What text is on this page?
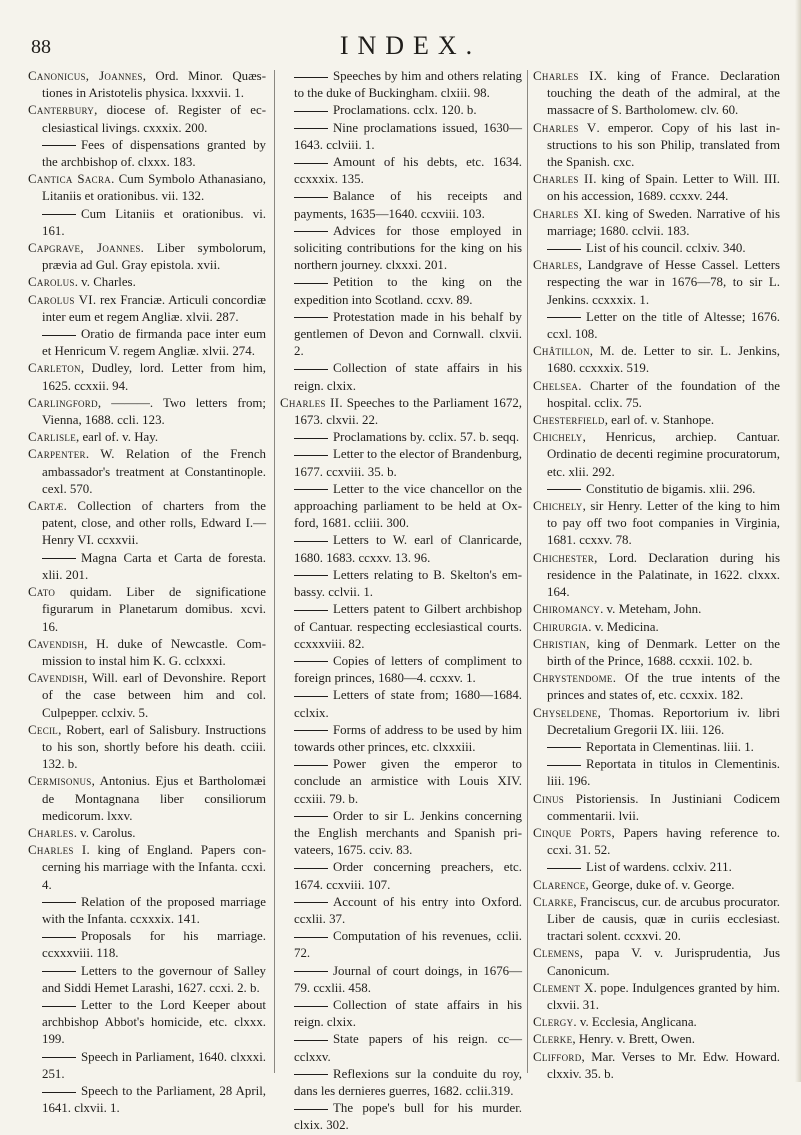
88	INDEX.

Canonicus, Joannes, Ord. Minor. Quæstiones in Aristotelis physica. lxxxvii. 1.

Canterbury, diocese of. Register of ecclesiastical livings. cxxxix. 200.

Fees of dispensations granted by the archbishop of. clxxx. 183.

Cantica Sacra. Cum Symbolo Athanasiano, Litaniis et orationibus. vii. 132.

Cum Litaniis et orationibus. vi. 161.

Capgrave, Joannes. Liber symbolorum, prævia ad Gul. Gray epistola. xvii.

Carolus. v. Charles.

Carolus VI. rex Franciæ. Articuli concordiæ inter eum et regem Angliæ. xlvii. 287.

Oratio de firmanda pace inter eum et Henricum V. regem Angliæ. xlvii. 274.

Carleton, Dudley, lord. Letter from him, 1625. ccxxii. 94.

Carlingford, ———. Two letters from; Vienna, 1688. ccli. 123.

Carlisle, earl of. v. Hay.

Carpenter. W. Relation of the French ambassador's treatment at Constantinople. cexl. 570.

Cartæ. Collection of charters from the patent, close, and other rolls, Edward I.—Henry VI. ccxxvii.

Magna Carta et Carta de foresta. xlii. 201.

Cato quidam. Liber de significatione figurarum in Planetarum domibus. xcvi. 16.

Cavendish, H. duke of Newcastle. Commission to instal him K. G. cclxxxi.

Cavendish, Will. earl of Devonshire. Report of the case between him and col. Culpepper. cclxiv. 5.

Cecil, Robert, earl of Salisbury. Instructions to his son, shortly before his death. cciii. 132. b.

Cermisonus, Antonius. Ejus et Bartholomæi de Montagnana liber consiliorum medicorum. lxxv.

Charles. v. Carolus.

Charles I. king of England. Papers concerning his marriage with the Infanta. ccxi. 4.

Relation of the proposed marriage with the Infanta. ccxxxix. 141.

Proposals for his marriage. ccxxxviii. 118.

Letters to the governour of Salley and Siddi Hemet Larashi, 1627. ccxi. 2. b.

Letter to the Lord Keeper about archbishop Abbot's homicide, etc. clxxx. 199.

Speech in Parliament, 1640. clxxxi. 251.

Speech to the Parliament, 28 April, 1641. clxvii. 1.

Speeches by him and others relating to the duke of Buckingham. clxiii. 98.

Proclamations. cclx. 120. b.

Nine proclamations issued, 1630—1643. cclviii. 1.

Amount of his debts, etc. 1634. ccxxxix. 135.

Balance of his receipts and payments, 1635—1640. ccxviii. 103.

Advices for those employed in soliciting contributions for the king on his northern journey. clxxxi. 201.

Petition to the king on the expedition into Scotland. ccxv. 89.

Protestation made in his behalf by gentlemen of Devon and Cornwall. clxvii. 2.

Collection of state affairs in his reign. clxix.

Charles II. Speeches to the Parliament 1672, 1673. clxvii. 22.

Proclamations by. cclix. 57. b. seqq.

Letter to the elector of Brandenburg, 1677. ccxviii. 35. b.

Letter to the vice chancellor on the approaching parliament to be held at Oxford, 1681. ccliii. 300.

Letters to W. earl of Clanricarde, 1680. 1683. ccxxv. 13. 96.

Letters relating to B. Skelton's embassy. cclvii. 1.

Letters patent to Gilbert archbishop of Cantuar. respecting ecclesiastical courts. ccxxxviii. 82.

Copies of letters of compliment to foreign princes, 1680—4. ccxxv. 1.

Letters of state from; 1680—1684. cclxix.

Forms of address to be used by him towards other princes, etc. clxxxiii.

Power given the emperor to conclude an armistice with Louis XIV. ccxiii. 79. b.

Order to sir L. Jenkins concerning the English merchants and Spanish privateers, 1675. cciv. 83.

Order concerning preachers, etc. 1674. ccxviii. 107.

Account of his entry into Oxford. ccxlii. 37.

Computation of his revenues, cclii. 72.

Journal of court doings, in 1676—79. ccxlii. 458.

Collection of state affairs in his reign. clxix.

State papers of his reign. cc—cclxxv.

Reflexions sur la conduite du roy, dans les dernieres guerres, 1682. cclii.319.

The pope's bull for his murder. clxix. 302.

Charles IX. king of France. Declaration touching the death of the admiral, at the massacre of S. Bartholomew. clv. 60.

Charles V. emperor. Copy of his last instructions to his son Philip, translated from the Spanish. cxc.

Charles II. king of Spain. Letter to Will. III. on his accession, 1689. ccxxv. 244.

Charles XI. king of Sweden. Narrative of his marriage; 1680. cclvii. 183.

List of his council. cclxiv. 340.

Charles, Landgrave of Hesse Cassel. Letters respecting the war in 1676—78, to sir L. Jenkins. ccxxxix. 1.

Letter on the title of Altesse; 1676. ccxl. 108.

Châtillon, M. de. Letter to sir. L. Jenkins, 1680. ccxxxix. 519.

Chelsea. Charter of the foundation of the hospital. cclix. 75.

Chesterfield, earl of. v. Stanhope.

Chichely, Henricus, archiep. Cantuar. Ordinatio de decenti regimine procuratorum, etc. xlii. 292.

Constitutio de bigamis. xlii. 296.

Chichely, sir Henry. Letter of the king to him to pay off two foot companies in Virginia, 1681. ccxxv. 78.

Chichester, Lord. Declaration during his residence in the Palatinate, in 1622. clxxx. 164.

Chiromancy. v. Meteham, John.

Chirurgia. v. Medicina.

Christian, king of Denmark. Letter on the birth of the Prince, 1688. ccxxii. 102. b.

Chrystendome. Of the true intents of the princes and states of, etc. ccxxix. 182.

Chyseldene, Thomas. Reportorium iv. libri Decretalium Gregorii IX. liii. 126.

Reportata in Clementinas. liii. 1.

Reportata in titulos in Clementinis. liii. 196.

Cinus Pistoriensis. In Justiniani Codicem commentarii. lvii.

Cinque Ports, Papers having reference to. ccxi. 31. 52.

List of wardens. cclxiv. 211.

Clarence, George, duke of. v. George.

Clarke, Franciscus, cur. de arcubus procurator. Liber de causis, quæ in curiis ecclesiast. tractari solent. ccxxvi. 20.

Clemens, papa V. v. Jurisprudentia, Jus Canonicum.

Clement X. pope. Indulgences granted by him. clxvii. 31.

Clergy. v. Ecclesia, Anglicana.

Clerke, Henry. v. Brett, Owen.

Clifford, Mar. Verses to Mr. Edw. Howard. clxxiv. 35. b.
